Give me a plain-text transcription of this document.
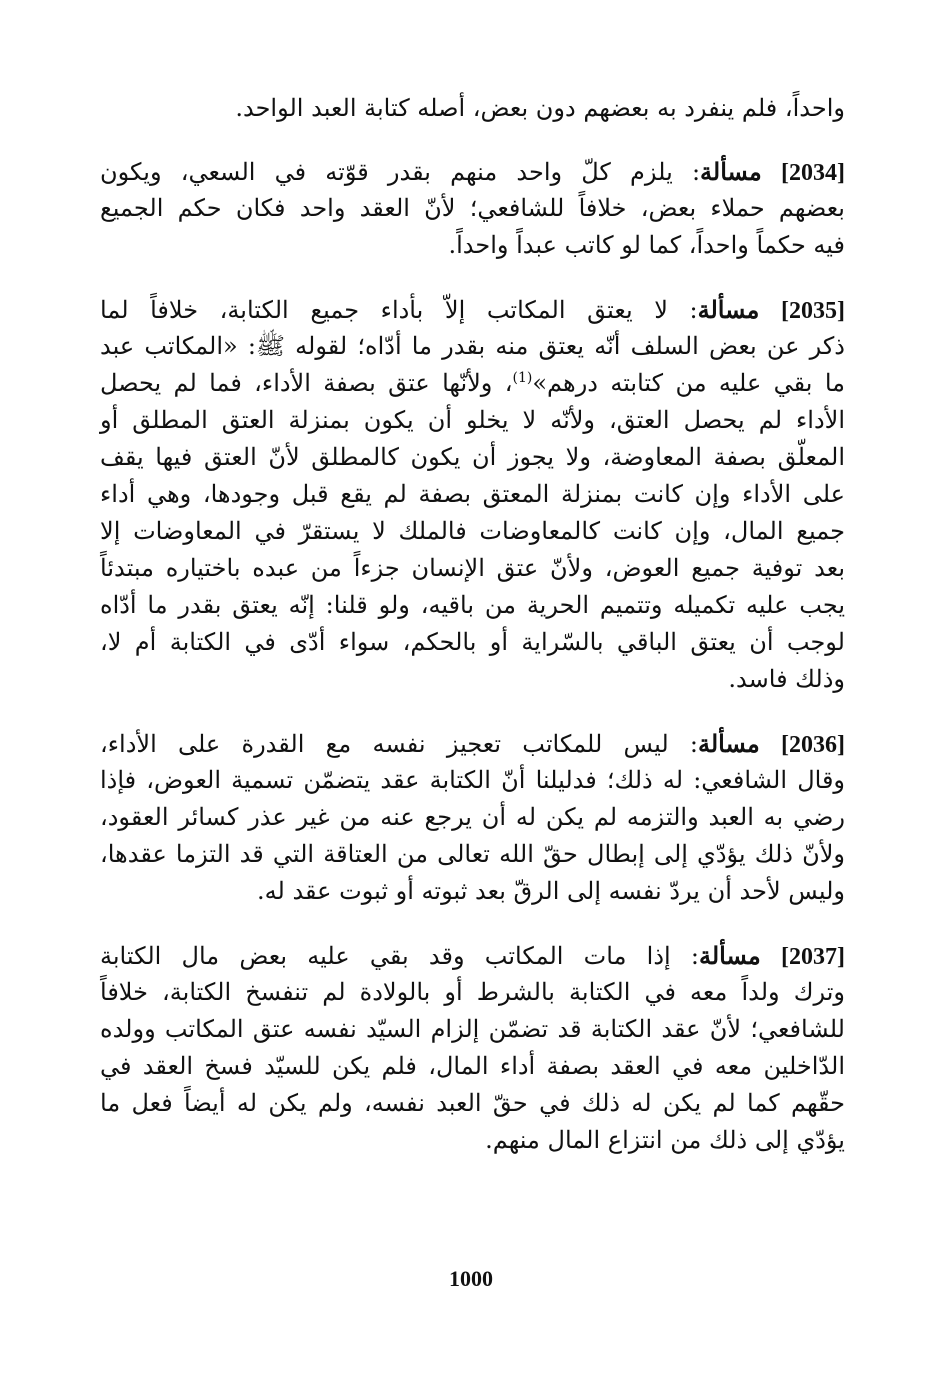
واحداً، فلم ينفرد به بعضهم دون بعض، أصله كتابة العبد الواحد.
[2034] مسألة: يلزم كلّ واحد منهم بقدر قوّته في السعي، ويكون
بعضهم حملاء بعض، خلافاً للشافعي؛ لأنّ العقد واحد فكان حكم الجميع
فيه حكماً واحداً، كما لو كاتب عبداً واحداً.
[2035] مسألة: لا يعتق المكاتب إلاّ بأداء جميع الكتابة، خلافاً لما
ذكر عن بعض السلف أنّه يعتق منه بقدر ما أدّاه؛ لقوله ﷺ: «المكاتب عبد
ما بقي عليه من كتابته درهم»$^{(1)}$، ولأنّها عتق بصفة الأداء، فما لم يحصل
الأداء لم يحصل العتق، ولأنّه لا يخلو أن يكون بمنزلة العتق المطلق أو
المعلّق بصفة المعاوضة، ولا يجوز أن يكون كالمطلق لأنّ العتق فيها يقف
على الأداء وإن كانت بمنزلة المعتق بصفة لم يقع قبل وجودها، وهي أداء
جميع المال، وإن كانت كالمعاوضات فالملك لا يستقرّ في المعاوضات إلا
بعد توفية جميع العوض، ولأنّ عتق الإنسان جزءاً من عبده باختياره مبتدئاً
يجب عليه تكميله وتتميم الحرية من باقيه، ولو قلنا: إنّه يعتق بقدر ما أدّاه
لوجب أن يعتق الباقي بالسّراية أو بالحكم، سواء أدّى في الكتابة أم لا،
وذلك فاسد.
[2036] مسألة: ليس للمكاتب تعجيز نفسه مع القدرة على الأداء،
وقال الشافعي: له ذلك؛ فدليلنا أنّ الكتابة عقد يتضمّن تسمية العوض، فإذا
رضي به العبد والتزمه لم يكن له أن يرجع عنه من غير عذر كسائر العقود،
ولأنّ ذلك يؤدّي إلى إبطال حقّ الله تعالى من العتاقة التي قد التزما عقدها،
وليس لأحد أن يردّ نفسه إلى الرقّ بعد ثبوته أو ثبوت عقد له.
[2037] مسألة: إذا مات المكاتب وقد بقي عليه بعض مال الكتابة
وترك ولداً معه في الكتابة بالشرط أو بالولادة لم تنفسخ الكتابة، خلافاً
للشافعي؛ لأنّ عقد الكتابة قد تضمّن إلزام السيّد نفسه عتق المكاتب وولده
الدّاخلين معه في العقد بصفة أداء المال، فلم يكن للسيّد فسخ العقد في
حقّهم كما لم يكن له ذلك في حقّ العبد نفسه، ولم يكن له أيضاً فعل ما
يؤدّي إلى ذلك من انتزاع المال منهم.
1000
